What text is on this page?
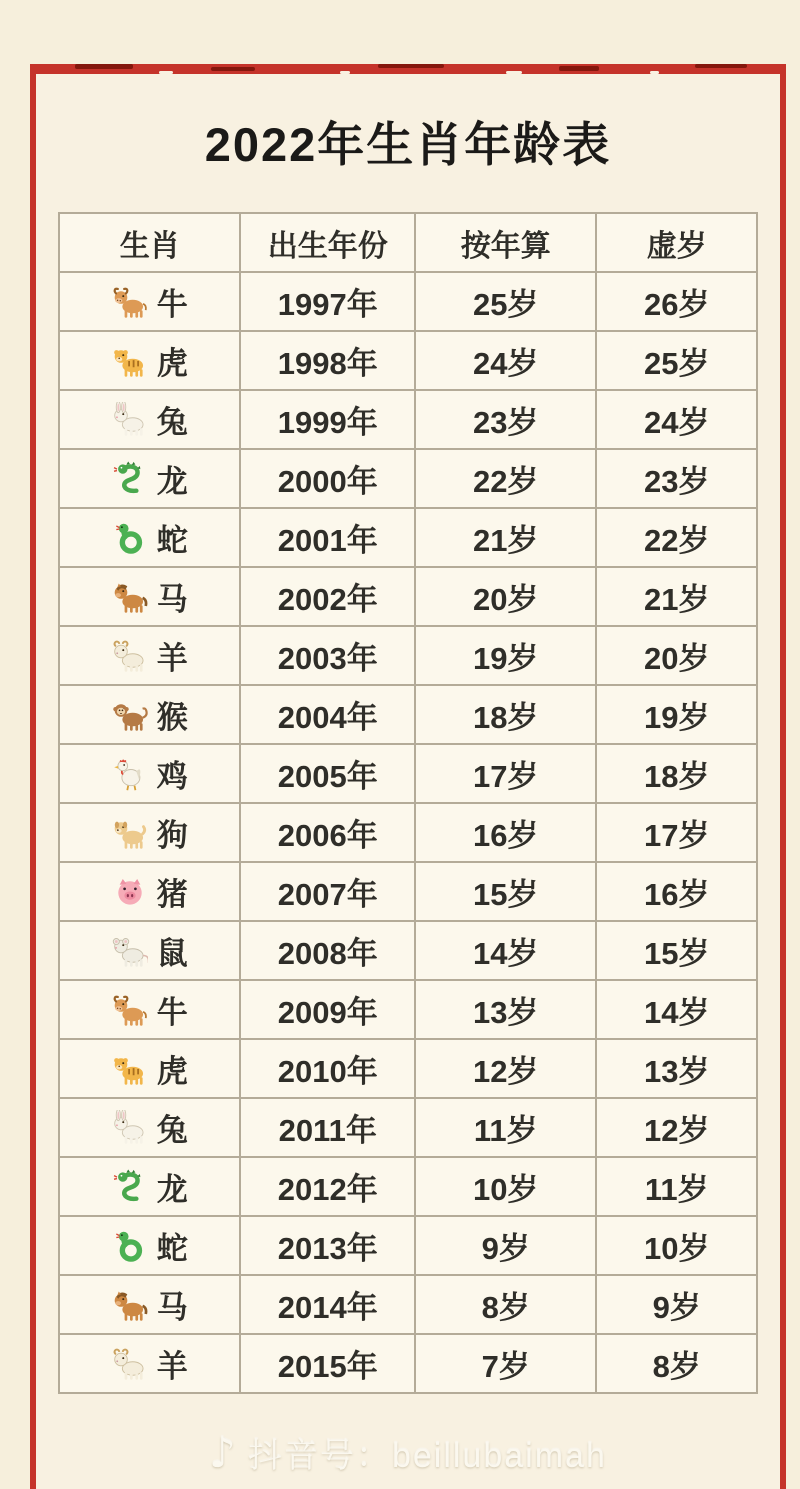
2022年生肖年龄表
生肖	出生年份	按年算	虚岁

牛	1997年	25岁	26岁

虎	1998年	24岁	25岁

兔	1999年	23岁	24岁

龙	2000年	22岁	23岁

蛇	2001年	21岁	22岁

马	2002年	20岁	21岁

羊	2003年	19岁	20岁

猴	2004年	18岁	19岁

鸡	2005年	17岁	18岁

狗	2006年	16岁	17岁

猪	2007年	15岁	16岁

鼠	2008年	14岁	15岁

牛	2009年	13岁	14岁

虎	2010年	12岁	13岁

兔	2011年	11岁	12岁

龙	2012年	10岁	11岁

蛇	2013年	9岁	10岁

马	2014年	8岁	9岁

羊	2015年	7岁	8岁
♪ 抖音号：beillubaimah
